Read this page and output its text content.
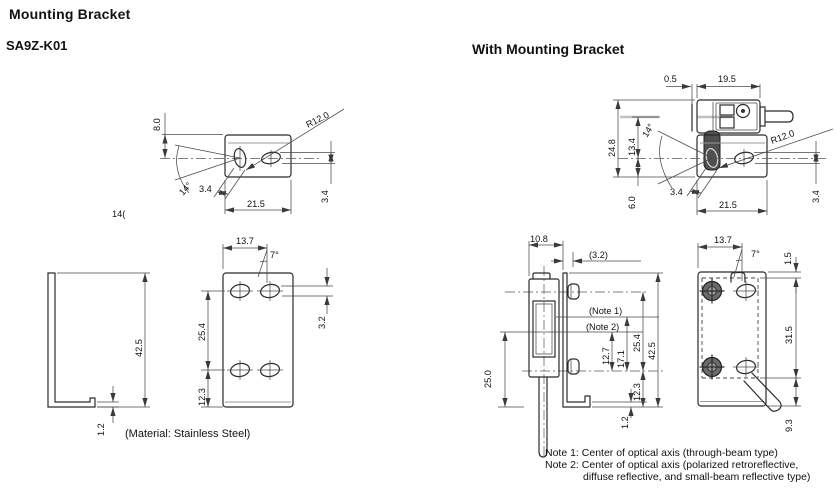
Mounting Bracket
SA9Z-K01	With Mounting Bracket
8.0
14° 3.4
21.5
R12.0
3.4
14(
42.5
1.2
13.7
7°
3.2
25.4
12.3
(Material: Stainless Steel)
0.5	19.5
24.8 13.4
6.0
14°
3.4
21.5
R12.0
3.4
10.8
(3.2)
(Note 1)
(Note 2)
25.0
12.7 17.1
25.4 42.5
12.3
1.2
13.7
7°	1.5
31.5
9.3
Note 1: Center of optical axis (through-beam type)
Note 2: Center of optical axis (polarized retroreflective,
diffuse reflective, and small-beam reflective type)
